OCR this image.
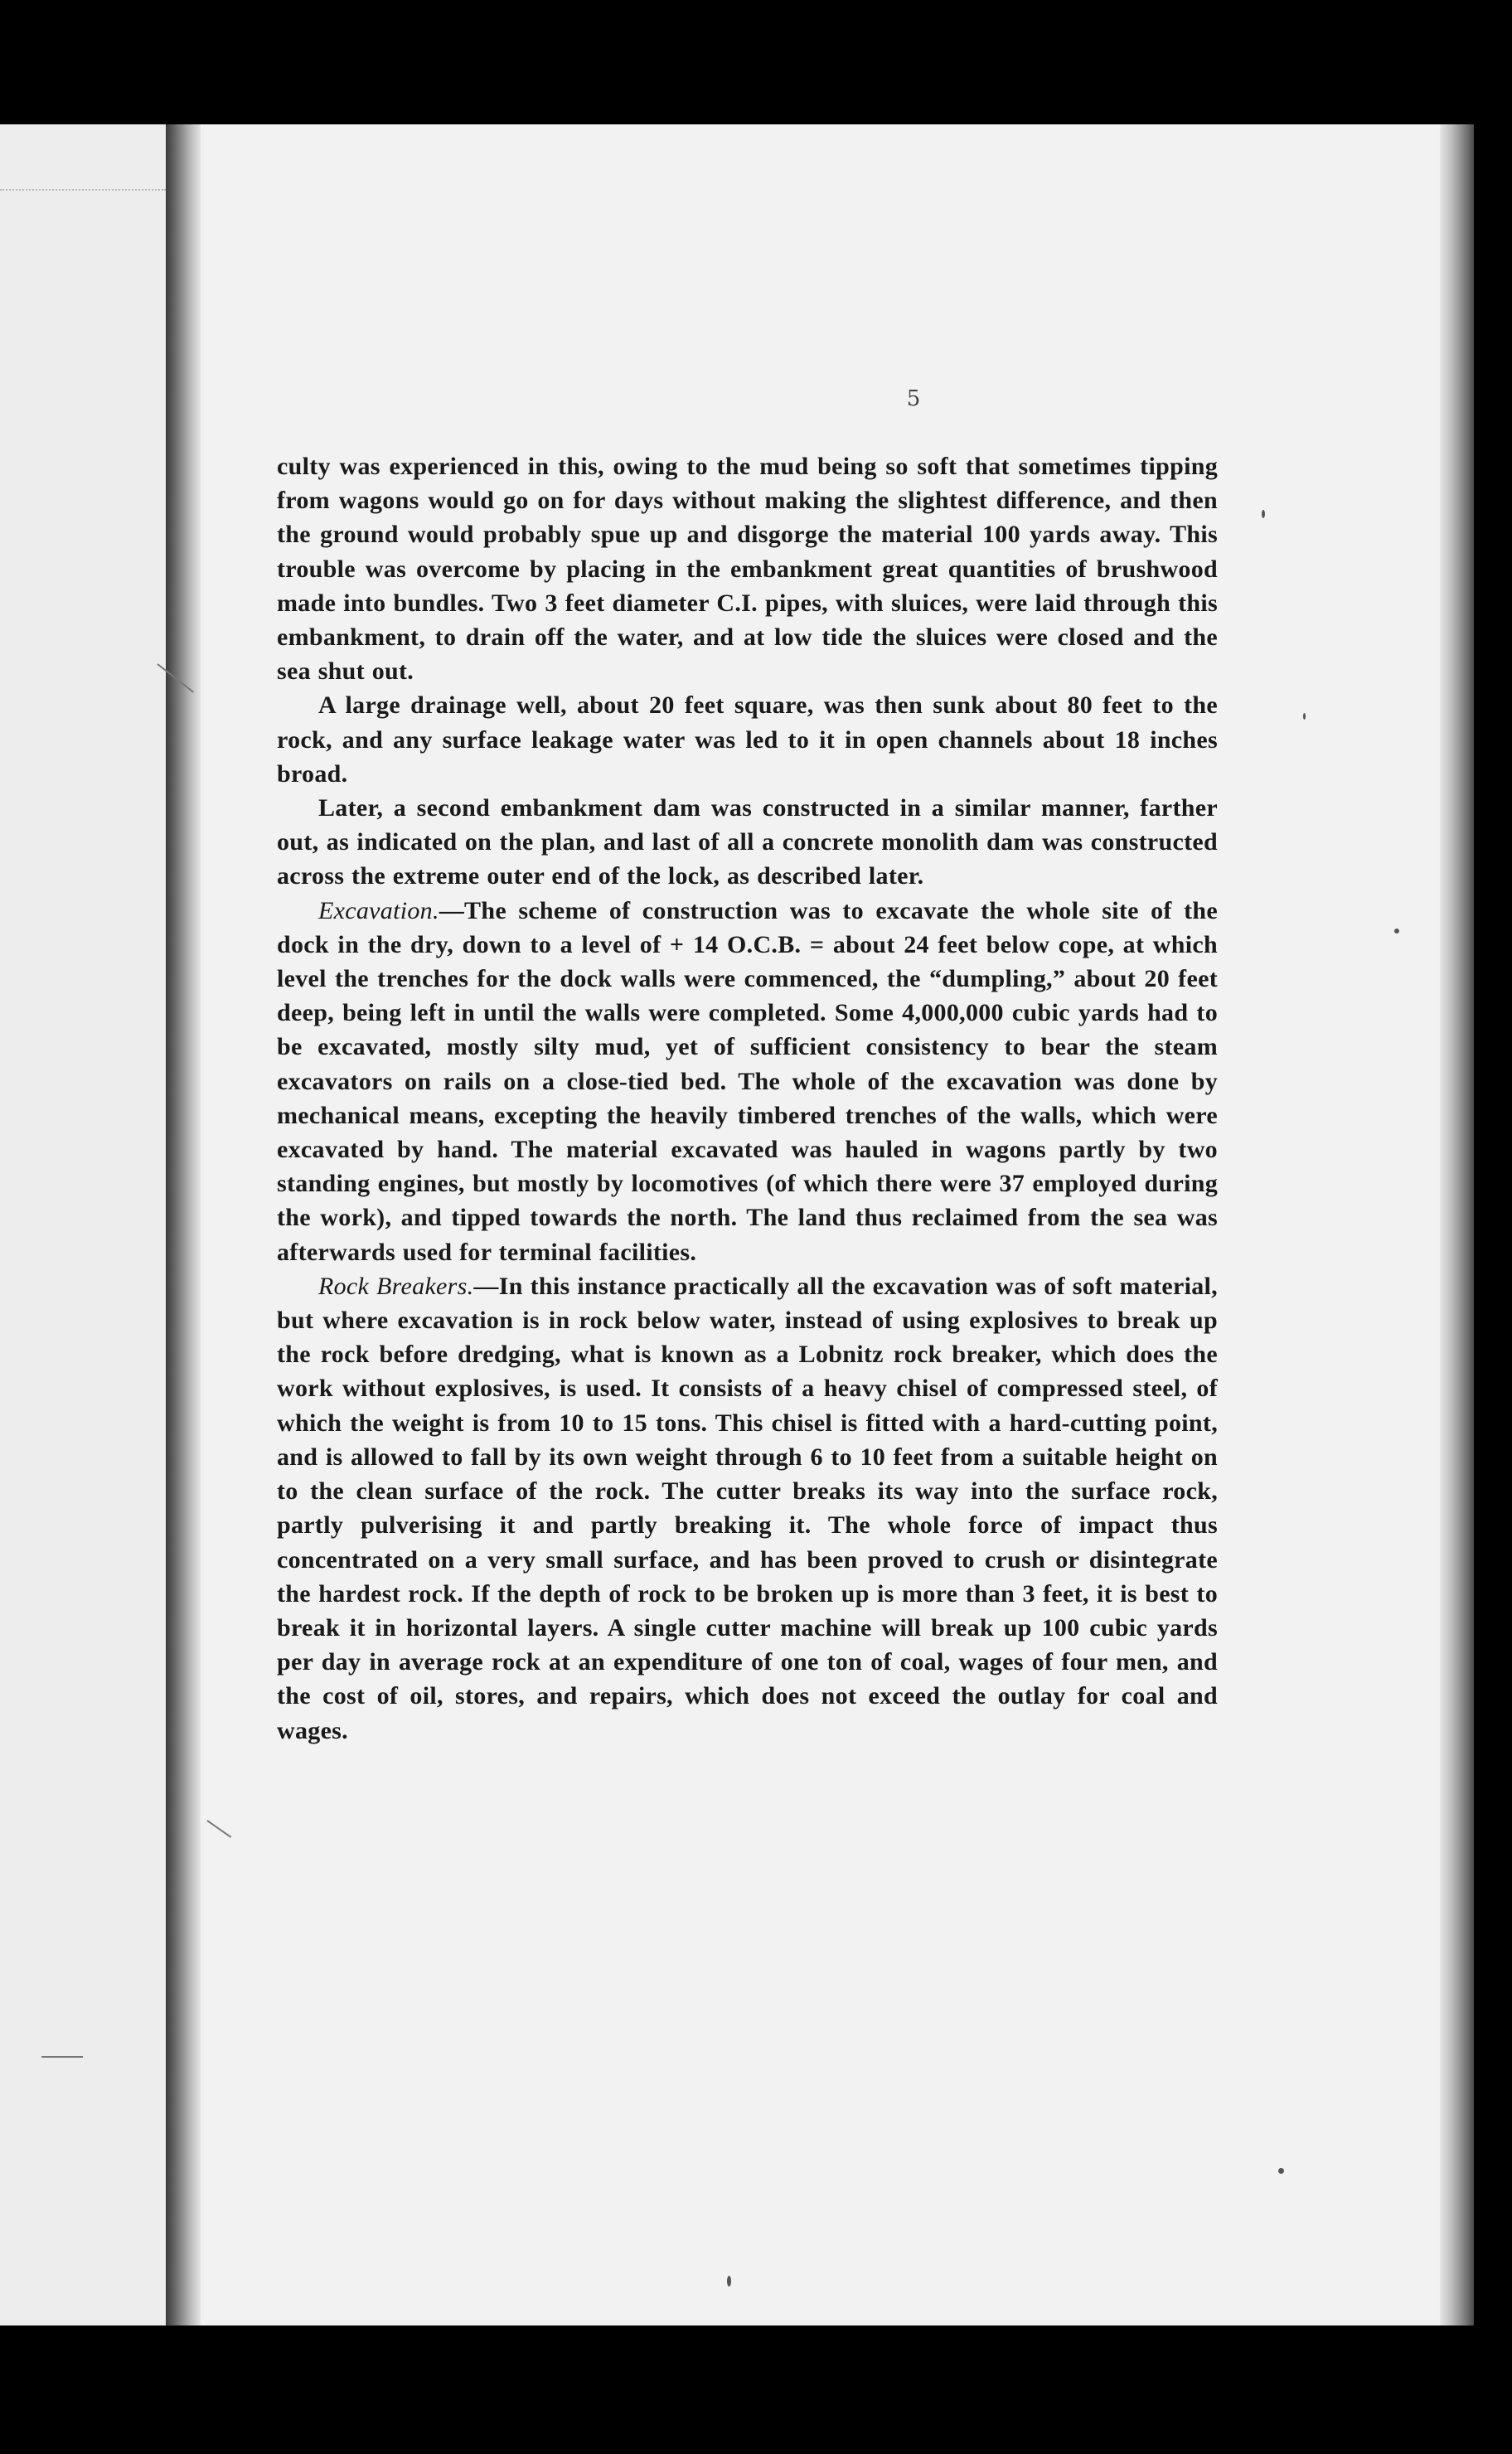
5

culty was experienced in this, owing to the mud being so soft that sometimes tipping from wagons would go on for days without making the slightest difference, and then the ground would probably spue up and disgorge the material 100 yards away. This trouble was overcome by placing in the embankment great quantities of brushwood made into bundles. Two 3 feet diameter C.I. pipes, with sluices, were laid through this embankment, to drain off the water, and at low tide the sluices were closed and the sea shut out.

A large drainage well, about 20 feet square, was then sunk about 80 feet to the rock, and any surface leakage water was led to it in open channels about 18 inches broad.

Later, a second embankment dam was constructed in a similar manner, farther out, as indicated on the plan, and last of all a concrete monolith dam was constructed across the extreme outer end of the lock, as described later.

Excavation.—The scheme of construction was to excavate the whole site of the dock in the dry, down to a level of + 14 O.C.B. = about 24 feet below cope, at which level the trenches for the dock walls were commenced, the “dumpling,” about 20 feet deep, being left in until the walls were completed. Some 4,000,000 cubic yards had to be excavated, mostly silty mud, yet of sufficient consistency to bear the steam excavators on rails on a close-tied bed. The whole of the excavation was done by mechanical means, excepting the heavily timbered trenches of the walls, which were excavated by hand. The material excavated was hauled in wagons partly by two standing engines, but mostly by locomotives (of which there were 37 employed during the work), and tipped towards the north. The land thus reclaimed from the sea was afterwards used for terminal facilities.

Rock Breakers.—In this instance practically all the excavation was of soft material, but where excavation is in rock below water, instead of using explosives to break up the rock before dredging, what is known as a Lobnitz rock breaker, which does the work without explosives, is used. It consists of a heavy chisel of compressed steel, of which the weight is from 10 to 15 tons. This chisel is fitted with a hard-cutting point, and is allowed to fall by its own weight through 6 to 10 feet from a suitable height on to the clean surface of the rock. The cutter breaks its way into the surface rock, partly pulverising it and partly breaking it. The whole force of impact thus concentrated on a very small surface, and has been proved to crush or disintegrate the hardest rock. If the depth of rock to be broken up is more than 3 feet, it is best to break it in horizontal layers. A single cutter machine will break up 100 cubic yards per day in average rock at an expenditure of one ton of coal, wages of four men, and the cost of oil, stores, and repairs, which does not exceed the outlay for coal and wages.
